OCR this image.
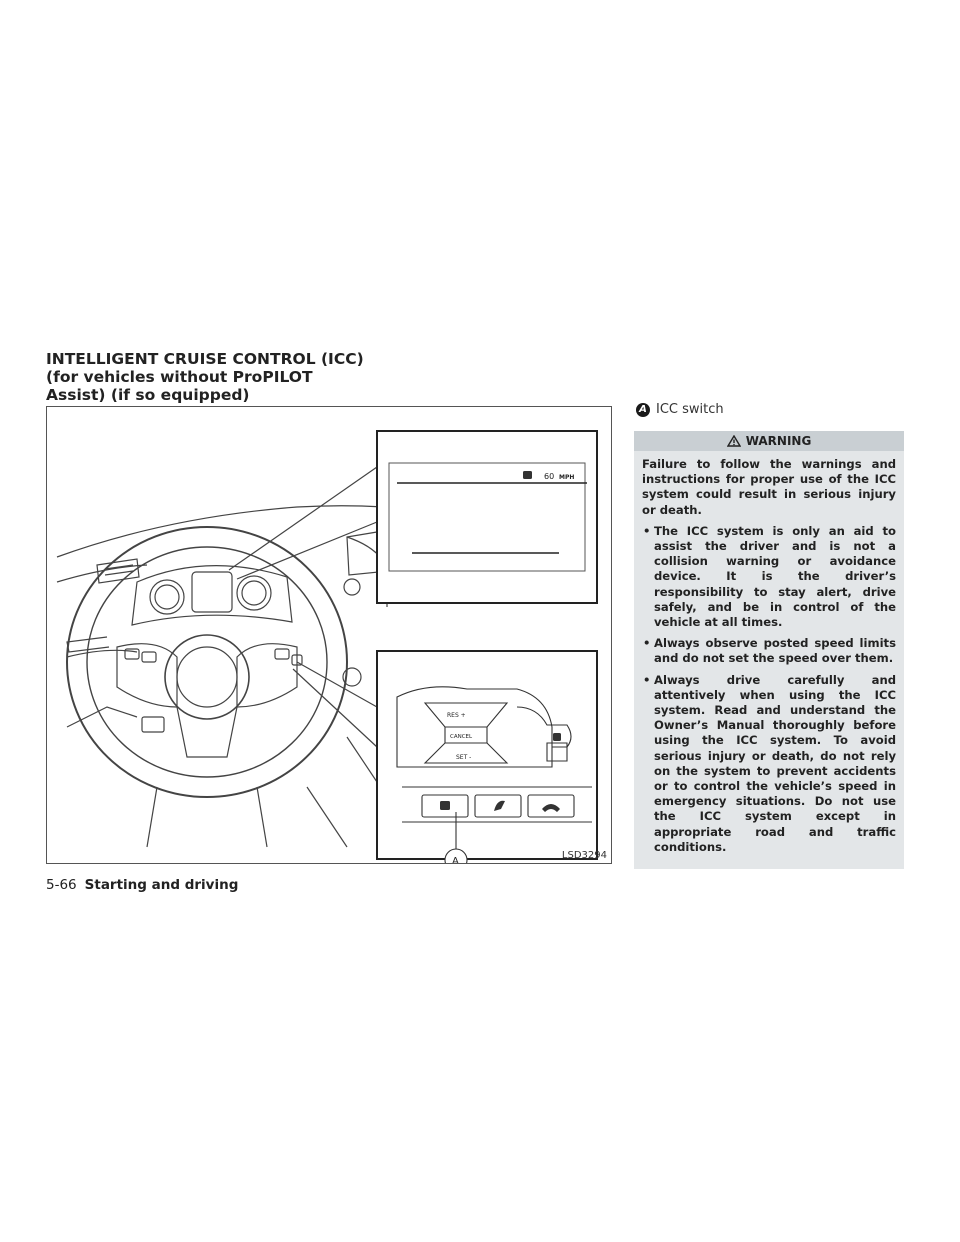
INTELLIGENT CRUISE CONTROL (ICC)
(for vehicles without ProPILOT
Assist) (if so equipped)
60 MPH
RES +
CANCEL
SET -
A
LSD3294
A ICC switch
WARNING

Failure to follow the warnings and instructions for proper use of the ICC system could result in serious injury or death.

• The ICC system is only an aid to assist the driver and is not a collision warning or avoidance device. It is the driver’s responsibility to stay alert, drive safely, and be in control of the vehicle at all times.
• Always observe posted speed limits and do not set the speed over them.
• Always drive carefully and attentively when using the ICC system. Read and understand the Owner’s Manual thoroughly before using the ICC system. To avoid serious injury or death, do not rely on the system to prevent accidents or to control the vehicle’s speed in emergency situations. Do not use the ICC system except in appropriate road and traffic conditions.
5-66 Starting and driving
